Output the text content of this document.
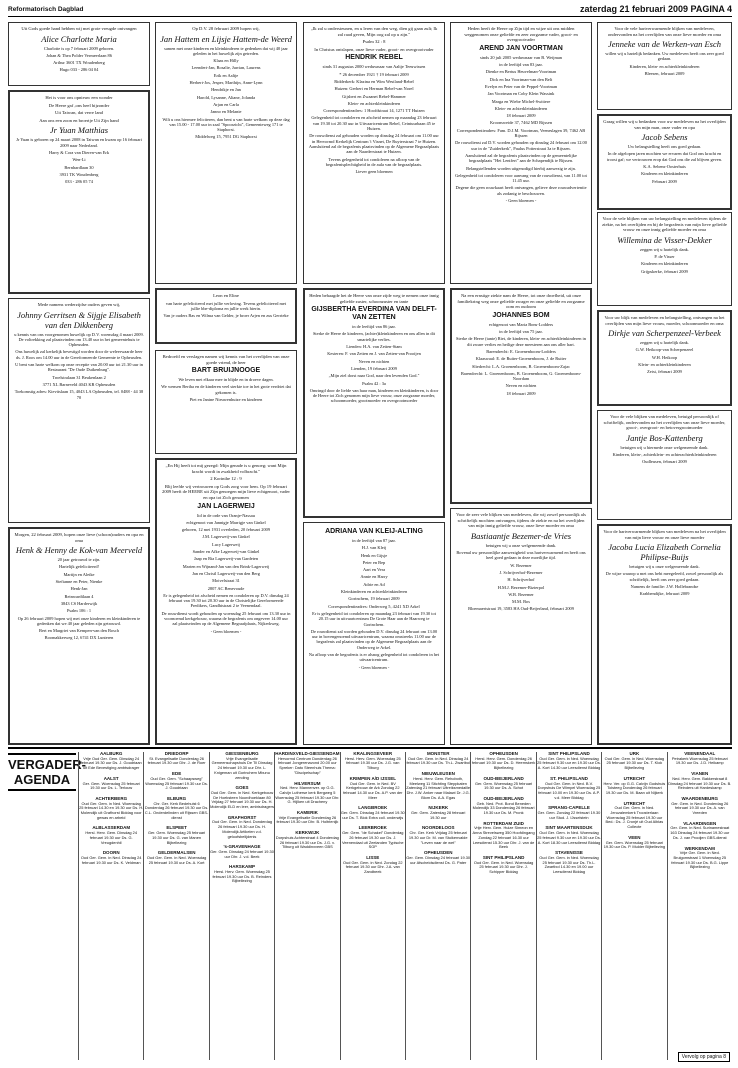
Reformatorisch Dagblad	zaterdag 21 februari 2009 PAGINA 4

Uit Gods goede hand hebben wij met grote vreugde ontvangen

Alice Charlotte Maria

Charlotte is op 7 februari 2009 geboren.

Johan & Thea Polder Vermeerlaan 86

Arthur 3601 TX Woudenberg

Hugo 033 - 286 04 04

Het is voor ons opnieuw een wonder

De Heere gaf ,ons heel bijzonder

Uit Taiwan, dat verre land

Aan ons een zoon en broertje Uit Zijn hand

Jr Yuan Matthias

Jr Yuan is geboren op 24 maart 2008 in Taiwan en kwam op 16 februari 2009 naar Nederland.

Harry & Cora van Dieren-van Erk

Wen-Li

Bernhardlaan 30

3931 TK Woudenberg

033 - 286 05 74

Mede namens wederzijdse ouders geven wij,

Johnny Gerritsen & Sijgje Elisabeth van den Dikkenberg

u kennis van ons voorgenomen huwelijk op D.V. woensdag 4 maart 2009. De voltrekking zal plaatsvinden om 13.40 uur in het gemeentehuis te Opheusden.

Ons huwelijk zal kerkelijk bevestigd worden door de weleerwaarde heer ds. J. Roos om 14.00 uur in de Gereformeerde Gemeente te Opheusden.

U bent van harte welkom op onze receptie van 20.00 uur tot 21.30 uur in Restaurant "De Oude Duikenburg".

Troelstralaan 31 Beukenlaan 2

3771 XL Barneveld 4043 KR Opheusden

Toekomstig adres: Kievitslaan 15, 4043 LA Opheusden, tel. 0488 - 44 38 70

Morgen, 22 februari 2009, hopen onze lieve (schoon)ouders en opa en oma

Henk & Henny de Kok-van Meerveld

20 jaar getrouwd te zijn.

Hartelijk gefeliciteerd!

Martijn en Aleike

Stefianne en Peter, Nienke

Henk-Jan

Reinwardtlaan 4

3843 CS Harderwijk

Psalm 106 : 1

Op 26 februari 2009 hopen wij met onze kinderen en kleinkinderen te gedenken dat we 40 jaar geleden zijn getrouwd.

Bert en Margriet van Kempen-van den Bosch

Boomakkerweg 12, 6741 DX Lunteren

Op D.V. 28 februari 2009 hopen wij,

Jan Hattem en Lijsje Hattem-de Weerd

samen met onze kinderen en kleinkinderen te gedenken dat wij 40 jaar geleden in het huwelijk zijn getreden.

Klaas en Hilly

Leendert-Jan, Rosalie, Jurrian, Laurens

Erik en Aaltje

Herbert-Jos, Jesper, Marthijn, Anne-Lynn

Hendrikje en Jan

Harold, Lysanne, Aliane, Jolanda

Arjan en Carla

Janno en Melanie

Wilt u ons hiermee feliciteren, dan bent u van harte welkom op deze dag van 15.00 - 17.00 uur in zaal "Spoorzicht", Gemeenteweg 171 te Staphorst.

Middelweg 15, 7951 DG Staphorst

Leon en Eline

van harte gefeliciteerd met jullie verloving. Tevens gefeliciteerd met jullie bbe-diploma en jullie werk hierin.

Van je ouders Bas en Wilma van Gelder, je broer Arjen en zus Gerrieke

Bedroefd en verslagen namen wij kennis van het overlijden van onze goede vriend, de heer

BART BRUIJNOOGE

We leven met elkaar mee in blijde en in droeve dagen.

We wensen Bertha en de kinderen veel sterkte toe in het grote verdriet dat gekomen is.

Piet en Janine Nieuwenhuize en kinderen

„En Hij heeft tot mij gezegd: Mijn genade is u genoeg; want Mijn kracht wordt in zwakheid volbracht."

2 Korinthe 12 : 9

Blij leefde wij vertrouwen op Gods zorg voor hem. Op 19 februari 2009 heeft de HEERE uit Zijn genoegen mijn lieve echtgenoot, vader en opa tot Zich genomen

JAN LAGERWEIJ

lid in de orde van Oranje-Nassau

echtgenoot van Jannigje Marrigje van Ginkel

geboren, 12 mei 1931 overleden, 20 februari 2009

J.M. Lagerweij-van Ginkel

Lucy Lagerweij

Sander en Afke Lagerweij-van Ginkel

Jaap en Ria Lagerweij-van Gardeten

Marten en Wijnand-Jan van den Brink-Lagerweij

Jan en Christl Lagerweij-van den Berg

Moivelstraat 31

2807 AC Benevoude

Er is gelegenheid tot afscheid nemen en condoleren op D.V. dinsdag 24 februari van 19.30 tot 20.30 uur in de Christelijke Gereformeerde Predikers, Gandhistraat 2 te Veenendaal.

De rouwdienst wordt gehouden op woensdag 25 februari om 13.30 uur in voornoemd kerkgebouw, waarna de begrafenis om ongeveer 14.00 uur zal plaatsvinden op de Algemene Begraafplaats, Nijkerkweg.

- Geen bloemen -

„Ik zal u ondersteunen, en u leren van den weg, dien gij gaan zult; Ik zal raad geven, Mijn oog zal op u zijn."

Psalm 32 : 8

In Christus ontslapen, onze lieve vader, groot- en overgrootvader

HENDRIK REBEL

sinds 31 augustus 2000 weduwnaar van Aaltje Teeuwissen

* 26 december 1921 † 19 februari 2009

Ridderkerk: Klazina en Wim Westland-Rebel

Huizen: Gerbert en Herman Rebel-van Norel

Gijsbert en Zwaanet Rebel-Hammer

Klein- en achterkleinkinderen

Correspondentieadres: 1 Hoofdstraat 14, 1271 TT Huizen

Gelegenheid tot condoleren en afscheid nemen op maandag 23 februari van 19.30 tot 20.30 uur in Uitvaartcentrum Rebel, Ceintuurbaan 45 te Huizen.

De rouwdienst zal gehouden worden op dinsdag 24 februari om 11.00 uur in Hervormd Kerkelijk Centrum 't Visnet, De Ruyterstraat 7 te Huizen. Aansluitend zal de begrafenis plaatsvinden op de Algemene Begraafplaats aan de Naarderstraat te Huizen.

Tevens gelegenheid tot condoleren na afloop van de begrafenisplechtigheid in de aula van de begraafplaats.

Liever geen bloemen

Heden behaagde het de Heere van onze zijde weg te nemen onze innig geliefde zuster, schoonzuster en tante

GIJSBERTHA EVERDINA VAN DELFT-VAN ZETTEN

in de leeftijd van 86 jaar.

Sterke de Heere de kinderen, (achter)kleinkinderen en ons allen in dit smartelijke verlies.

Lienden: H.A. van Zetten-Stam

Kesteren: F. van Zetten en J. van Zetten-van Prooijen

Neven en nichten

Lienden, 19 februari 2009

„Mijn ziel dorst naar God, naar den levenden God."

Psalm 42 : 3a

Omringd door de liefde van haar man, kinderen en kleinkinderen, is door de Heere tot Zich genomen mijn lieve vrouw, onze zorgzame moeder, schoonmoeder, grootmoeder en overgrootmoeder

ADRIANA VAN KLEIJ-ALTING

in de leeftijd van 87 jaar.

H.J. van Kleij

Henk en Gijsje

Peter en Bep

Aart en Vera

Annie en Harry

Adrie en Ad

Kleinkinderen en achterkleinkinderen

Gorinchem, 19 februari 2009

Correspondentieadres: Onderweg 5, 4241 XD Arkel

Er is gelegenheid tot condoleren op maandag 23 februari van 19.30 tot 20.15 uur in uitvaartcentrum De Grote Haar aan de Haarweg te Gorinchem.

De rouwdienst zal worden gehouden D.V. dinsdag 24 februari om 13.00 uur in bovengenoemd uitvaartcentrum, waarna omstreeks 11.00 uur de begrafenis zal plaatsvinden op de Algemene Begraafplaats aan de Onderweg te Arkel.

Na afloop van de begrafenis is er alsnog gelegenheid tot condoleren in het uitvaartcentrum.

- Geen bloemen -

Heden heeft de Heere op Zijn tijd en wijze uit ons midden weggenomen onze geliefde en zeer zorgzame vader, groot- en overgrootvader

AREND JAN VOORTMAN

sinds 20 juli 2005 weduwnaar van B. Weijman

in de leeftijd van 83 jaar.

Dienke en Bertus Heuvelman-Voortman

Dick en Ina Voortman-van den Belt

Evelyn en Peter van de Peppel-Voortman

Jan Voortman en Coby Klein Wassink

Marga en Wiebe Michel-Swittere

Klein- en achterkleinkinderen

18 februari 2009

Kroonsweide 37, 7462 MD Rijssen

Correspondentieadres: Fam. D.J.M. Voortman, Veeneslagen 39, 7462 AB Rijssen

De rouwdienst zal D.V. worden gehouden op dinsdag 24 februari om 12.00 uur in de "Zuiderkerk", Paulus Potterstraat 3a te Rijssen.

Aansluitend zal de begrafenis plaatsvinden op de gemeentelijke begraafplaats "Het Lentfert" aan de Schapendijk te Rijssen.

Belangstellenden worden uitgenodigd hierbij aanwezig te zijn.

Gelegenheid tot condoleren voor aanvang van de rouwdienst, van 11.00 tot 11.45 uur.

Degene die geen rouwkaart heeft ontvangen, gelieve deze rouwadvertentie als zodanig te beschouwen.

- Geen bloemen -

Na een ernstige ziekte nam de Heere, tot onze droefheid, uit onze familiekring weg onze geliefde zwager en onze geliefde en zorgzame oom en oudoom

JOHANNES BOM

echtgenoot van Maria Bons-Lodders

in de leeftijd van 75 jaar.

Sterke de Heere (tante) Riet, de kinderen, klein- en achterkleinkinderen in dit zware verlies en heilige deze meesteren aan ons aller hart.

Barendrecht: E. Groenenboom-Lodders

Klaaswaal: E. de Ruiter-Groenenboom, J. de Ruiter

Sliedrecht: L.A. Groenenboom, B. Groenenboom-Zajac

Barendrecht: L. Groenenboom, B. Groenenboom, G. Groenenboom-Noordam

Neven en nichten

18 februari 2009

Voor de zeer vele blijken van medeleven, die wij zowel persoonlijk als schriftelijk mochten ontvangen, tijdens de ziekte en na het overlijden van mijn innig geliefde vrouw, onze lieve moeder en oma

Bastiaantje Bezemer-de Vries

betuigen wij u onze welgemeende dank.

Bovenal uw persoonlijke aanwezigheid was hartverwarmend en heeft ons heel goed gedaan in deze moeilijke tijd.

W. Bezemer

J. Schrijverhof-Bezemer

H. Schrijverhof

H.M.J. Bezemer-Bizterpol

W.B. Bezemer

M.M. Bos

Bloemaertstraat 19, 3583 HA Oud-Beijerland, februari 2009

Voor de vele hartverwarmende blijken van medeleven, ondervonden na het overlijden van onze lieve moeder en oma

Jenneke van de Werken-van Esch

willen wij u hartelijk bedanken. Uw medeleven heeft ons zeer goed gedaan.

Kinderen, klein- en achterkleinkinderen

Bleesen, februari 2009

Graag willen wij u bedanken voor uw medeleven na het overlijden van mijn man, onze vader en opa

Jacob Sebens

Uw belangstelling heeft ons goed gedaan.

In de afgelopen jaren mochten we ervaren dat God ons kracht en troost gaf; we vertrouwen erop dat God ons die zal blijven geven.

K.A. Sebens-Oosterhuis

Kinderen en kleinkinderen

Februari 2009

Voor de vele blijken van uw belangstelling en medeleven tijdens de ziekte, na het overlijden en bij de begrafenis van mijn lieve geliefde vrouw en onze innig geliefde moeder en oma

Willemina de Visser-Dekker

zeggen wij u hartelijk dank.

P. de Visser

Kinderen en kleinkinderen

Grijpskerke, februari 2009

Voor uw blijk van medeleven en belangstelling, ontvangen na het overlijden van mijn lieve vrouw, moeder, schoonmoeder en oma

Dirkje van Scherpenzeel-Verbeek

zeggen wij u hartelijk dank.

G.W. Heikoop-van Scherpenzeel

W.H. Heikoop

Klein- en achterkleinkinderen

Zeist, februari 2009

Voor de vele blijken van medeleven, betuigd persoonlijk of schriftelijk, ondervonden na het overlijden van onze lieve moeder, groot-, overgroot- en betovergrootmoeder

Jantje Bos-Kattenberg

betuigen wij u hiermede onze welgemeende dank.

Kinderen, klein-, achterklein- en achterachterkleinkinderen

Oudleusen, februari 2009

Voor de hartverwarmende blijken van medeleven na het overlijden van mijn lieve vrouw en onze lieve moeder

Jacoba Lucia Elizabeth Cornelia Philipse-Buijs

betuigen wij u onze welgemeende dank.

De wijze waarop u met ons hebt meegeleefd, zowel persoonlijk als schriftelijk, heeft ons zeer goed gedaan.

Namens de familie: J.W. Hollebrandse

Krabbendijke, februari 2009

VERGADER-AGENDA
AALBURG
Vrije Oud Ger. Gem. Dinsdag 24 februari 19.30 uur Ds. J. Goudriaan uit Ede Bevestiging ambtsdrager
AALST
Ger. Gem. Woensdag 25 februari 19.30 uur Ds. L. Terlouw
ACHTERBERG
Oud Ger. Gem. in Ned. Woensdag 25 februari 14.30 en 19.30 uur Ds. H. Molendijk uit Grafhorst Biddag voor gewas en arbeid
ALBLASSERDAM
Hersl. Herv. Gem. Dinsdag 24 februari 19.30 uur Ds. G. Vreugdenhil
DOORN
Oud Ger. Gem. in Ned. Dinsdag 24 februari 19.30 uur Ds. K. Veldman
DRIEDORP
St. Evangelisatie Donderdag 26 februari 19.30 uur Dhr. J. de Roer
EDE
Oud Ger. Gem. "Schaapsweg" Woensdag 25 februari 19.30 uur Ds. J. Goudriaan
ELBURG
Chr. Ger. Kerk Bedehuist 6 Donderdag 26 februari 19.30 uur Ds. C.L. Onderdelinden uit Rijssen GBS-dienst
ELSPEET
Ger. Gem. Woensdag 25 februari 19.30 uur Ds. G. van Manen Bijbellezing
GELDERMALSEN
Oud Ger. Gem. in Ned. Woensdag 25 februari 19.30 uur Ds. A. Kort
GIESSENBURG
Vrije Evangelisatie Gemeenschapshuis De Til Dinsdag 24 februari 19.30 uur Dhr. L. Knigeman uit Gorinchem Mbunu zending
GOES
Oud Ger. Gem. in Ned. Kerkgebouw De Hoeksteen Noordhoeklaan 80 Vrijdag 27 februari 19.30 uur Ds. H. Molendijk ELD en leer, ambtsdragers
GRAFHORST
Oud Ger. Gem. in Ned. Donderdag 26 februari 19.30 uur Ds. H. Molendijk Artikelen v.d. geloofsbelijdenis
's-GRAVENHAGE
Ger. Gem. Dinsdag 24 februari 19.30 uur Dhr. J. v.d. Beek
HARSKAMP
Hersl. Herv. Gem. Woensdag 25 februari 19.30 uur Ds. B. Reinders Bijbellezing
HARDINXVELD-GIESSENDAM
Hervormd Centrum Donderdag 26 februari Jongerenavond 20.00 uur Spreker: Dato Steenhuis Thema: "Discipelschap"
HILVERSUM
Ned. Herv. Mannenver. op G.G. Calvijn Lutherse kerk Bergweg 5 Woensdag 25 februari 19.30 uur Dhr. G. Hijlken uit Dracheny
KAMERIK
Vrije Evangelisatie Donderdag 26 februari 19.30 uur Dhr. B. Holtrienijk
KERKWIJK
Dorpshuis Achterstraat 4 Donderdag 26 februari 19.30 uur Ds. J.G. v. Tilburg uit Waddinxveen GBS
KRALINGSEVEER
Hersl. Herv. Gem. Woensdag 25 februari 19.30 uur Ds. J.G. van Tilburg
KRIMPEN A/D IJSSEL
Oud Ger. Gem. in Ned. BV Kerkgebouw de Ark Zondag 22 februari 14.30 uur Ds. A.P. van der Meer
LANGBROEK
Ger. Gem. Dinsdag 24 februari 19.30 uur Ds. T. Blok Extra coll. onderwijs
LEERBROEK
Ger. Gem. "de Schakel" Donderdag 26 februari 19.30 uur Ds. J. Veenendaal uit Zeelanden Typische SGP
LISSE
Oud Ger. Gem. in Ned. Zondag 22 februari 19.30 uur Dhr. J.A. van Zandbeek
MONSTER
Oud Ger. Gem. in Ned. Dinsdag 24 februari 19.30 uur Ds. Th.L. Zwartbol
NIEUWLEUSEN
Hersl. Herv. Gem. Rehoboth, Meelweg 11 Stichting Steppkaten Zaterdag 21 februari Uitreiksmedaille Dhr. J.W. Anker naar Malawi Dr. J.G. Blom Ds. A.A. Egas
NIJKERK
Ger. Gem. Zaterdag 28 februari 19.30 uur
NOORDELOOS
Chr. Ger. Kerk Vrijdag 25 februari 19.30 uur Dr. M. van Stuikenvalde "Leven naar de wet"
OPHEUSDEN
Ger. Gem. Dinsdag 24 februari 19.30 uur Afscheidsdienst Ds. G. Pater
OPHEUSDEN
Hersl. Herv. Gem. Donderdag 26 februari 19.30 uur Ds. D. Heemskerk Bijbellezing
OUD-BEIJERLAND
Ger. Gem. Woensdag 25 februari 19.30 uur Ds. A. Schot
OUD-BEIJERLAND
Geb. Ned. Prot. Bond Beneden Molendijk 33 Donderdag 26 februari 19.30 uur Ds. M. Pronk
ROTTERDAM ZUID
Vrije Herv. Gem. Huize Simeon en Anna Strevelsweg 350 Hoofdingang Zondag 22 februari 16.30 uur Leesdienst 15.30 uur Dhr. J. van de Beek
SINT PHILIPSLAND
Oud Ger. Gem. in Ned. Woensdag 25 februari 19.30 uur Dhr. J. Schipper Biddag
SINT PHILIPSLAND
Oud Ger. Gem. in Ned. Woensdag 25 februari 9.30 uur en 19.30 uur Ds. A. Kort 14.30 uur Leesdienst Biddag
ST. PHILIPSLAND
Oud Ger. Gem. in Ned. B.V. Dorpshuis De Wimpel Woensdag 25 februari 10.00 en 19.30 uur Ds. A.P. v.d. Meer Biddag
SPRANG-CAPELLE
Ger. Gem. Zondag 22 februari 19.30 uur Stud. J. IJsselstein
SINT MAARTENSDIJK
Oud Ger. Gem. in Ned. Woensdag 25 februari 9.30 uur en 19.30 uur Ds. A. Kort 18.30 uur Leesdienst Biddag
STAVENISSE
Oud Ger. Gem. in Ned. Woensdag 25 februari 19.30 uur Ds. Th.L. Zwartbol 14.30 en 19.00 uur Leesdienst Biddag
URK
Oud Ger. Gem. in Ned. Woensdag 25 februari 19.30 uur Ds. T. Klok Bijbellezing
UTRECHT
Herv. Ver. op G.G. Calvijn Godshuis Tolsteeg Donderdag 26 februari 19.30 uur Ds. M. Baan uit Nijkerk
UTRECHT
Oud Ger. Gem. in Ned. Jeruzalemkerk Troosterlaan Woensdag 25 februari 19.30 uur Bed.: Ds. J. Cronjé uit Oud Alblas Collecte
VEEN
Ger. Gem. Woensdag 25 februari 19.30 uur Ds. P. Mulder Bijbellezing
VEENENDAAL
Petrakerk Woensdag 25 februari 19.30 uur Ds. J.D. Heikamp
VIANEN
Ned. Herv. Gem. Bakkerstraat 8 Dinsdag 24 februari 19.30 uur Ds. B. Reinders uit Hardeskamp
WAARDENBURG
Ger. Gem. in Ned. Donderdag 26 februari 19.30 uur Ds. A. van Vreeden
VLAARDINGEN
Ger. Gem. in Ned. Surinamestraat 163 Dinsdag 24 februari 19.30 uur Ds. J. van Prooijen GBS-dienst
WERKENDAM
Vrije Ger. Gem. in Ned. Bruigomstraat 1 Woensdag 25 februari 19.30 uur Ds. B.G. Lippe Bijbellezing
Vervolg op pagina 8
